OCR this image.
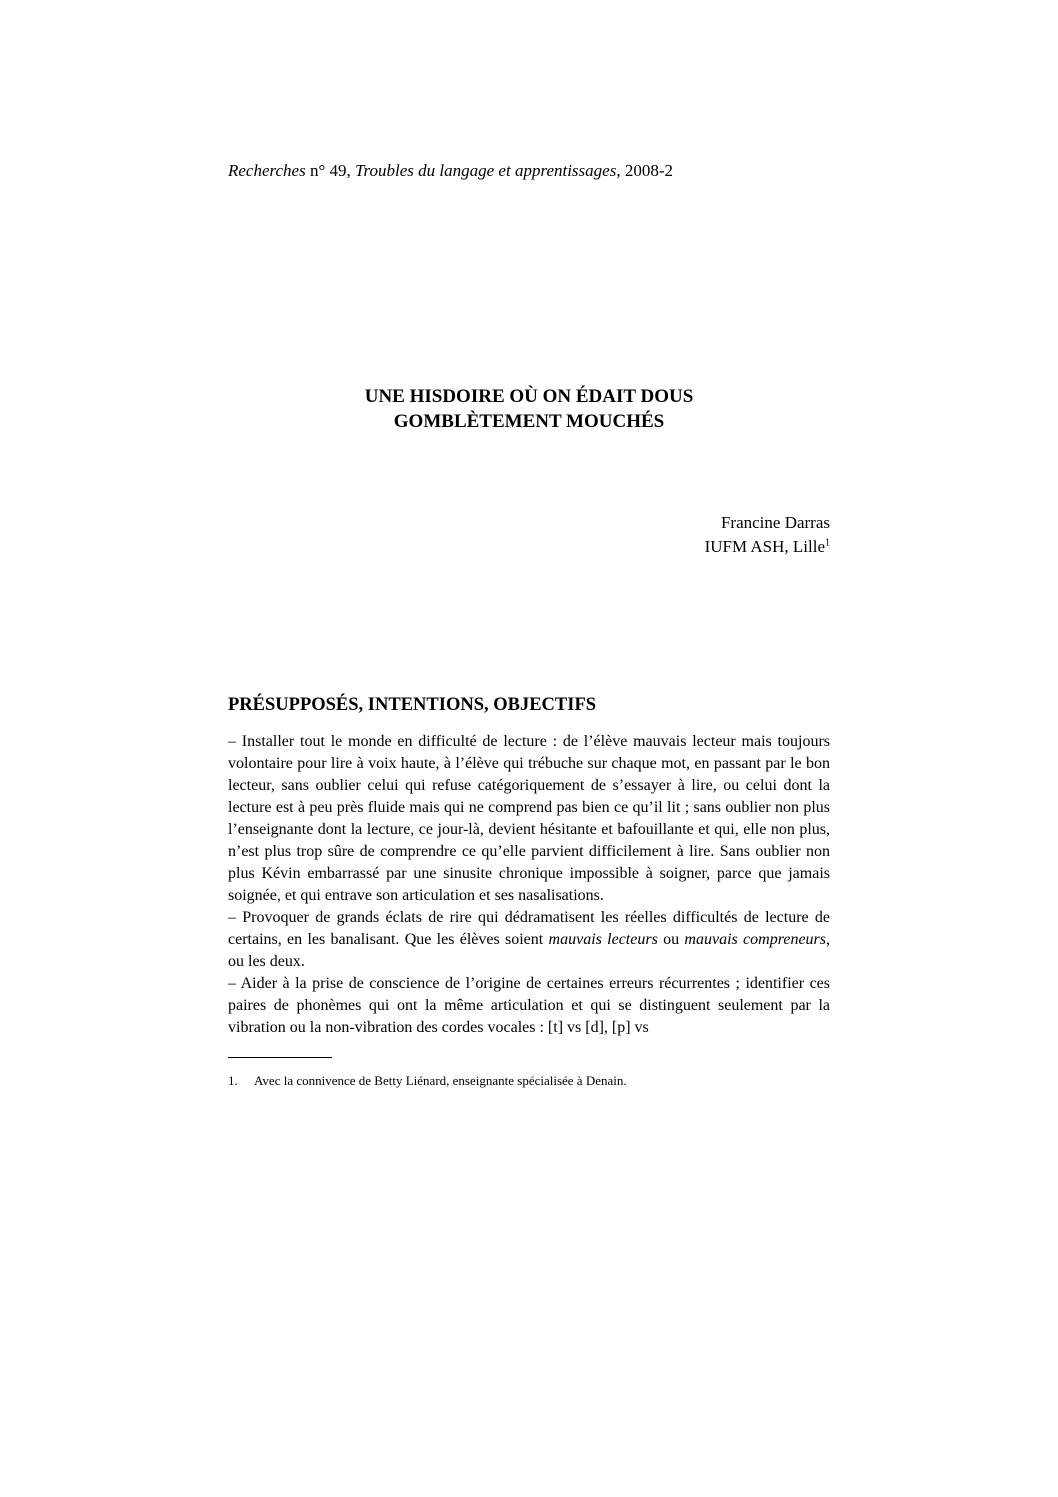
Recherches n° 49, Troubles du langage et apprentissages, 2008-2
UNE HISDOIRE OÙ ON ÉDAIT DOUS
GOMBLÈTEMENT MOUCHÉS
Francine Darras
IUFM ASH, Lille$^1$
PRÉSUPPOSÉS, INTENTIONS, OBJECTIFS

– Installer tout le monde en difficulté de lecture : de l’élève mauvais lecteur mais toujours volontaire pour lire à voix haute, à l’élève qui trébuche sur chaque mot, en passant par le bon lecteur, sans oublier celui qui refuse catégoriquement de s’essayer à lire, ou celui dont la lecture est à peu près fluide mais qui ne comprend pas bien ce qu’il lit ; sans oublier non plus l’enseignante dont la lecture, ce jour-là, devient hésitante et bafouillante et qui, elle non plus, n’est plus trop sûre de comprendre ce qu’elle parvient difficilement à lire. Sans oublier non plus Kévin embarrassé par une sinusite chronique impossible à soigner, parce que jamais soignée, et qui entrave son articulation et ses nasalisations.

– Provoquer de grands éclats de rire qui dédramatisent les réelles difficultés de lecture de certains, en les banalisant. Que les élèves soient mauvais lecteurs ou mauvais compreneurs, ou les deux.

– Aider à la prise de conscience de l’origine de certaines erreurs récurrentes ; identifier ces paires de phonèmes qui ont la même articulation et qui se distinguent seulement par la vibration ou la non-vibration des cordes vocales : [t] vs [d], [p] vs

1. Avec la connivence de Betty Liénard, enseignante spécialisée à Denain.
